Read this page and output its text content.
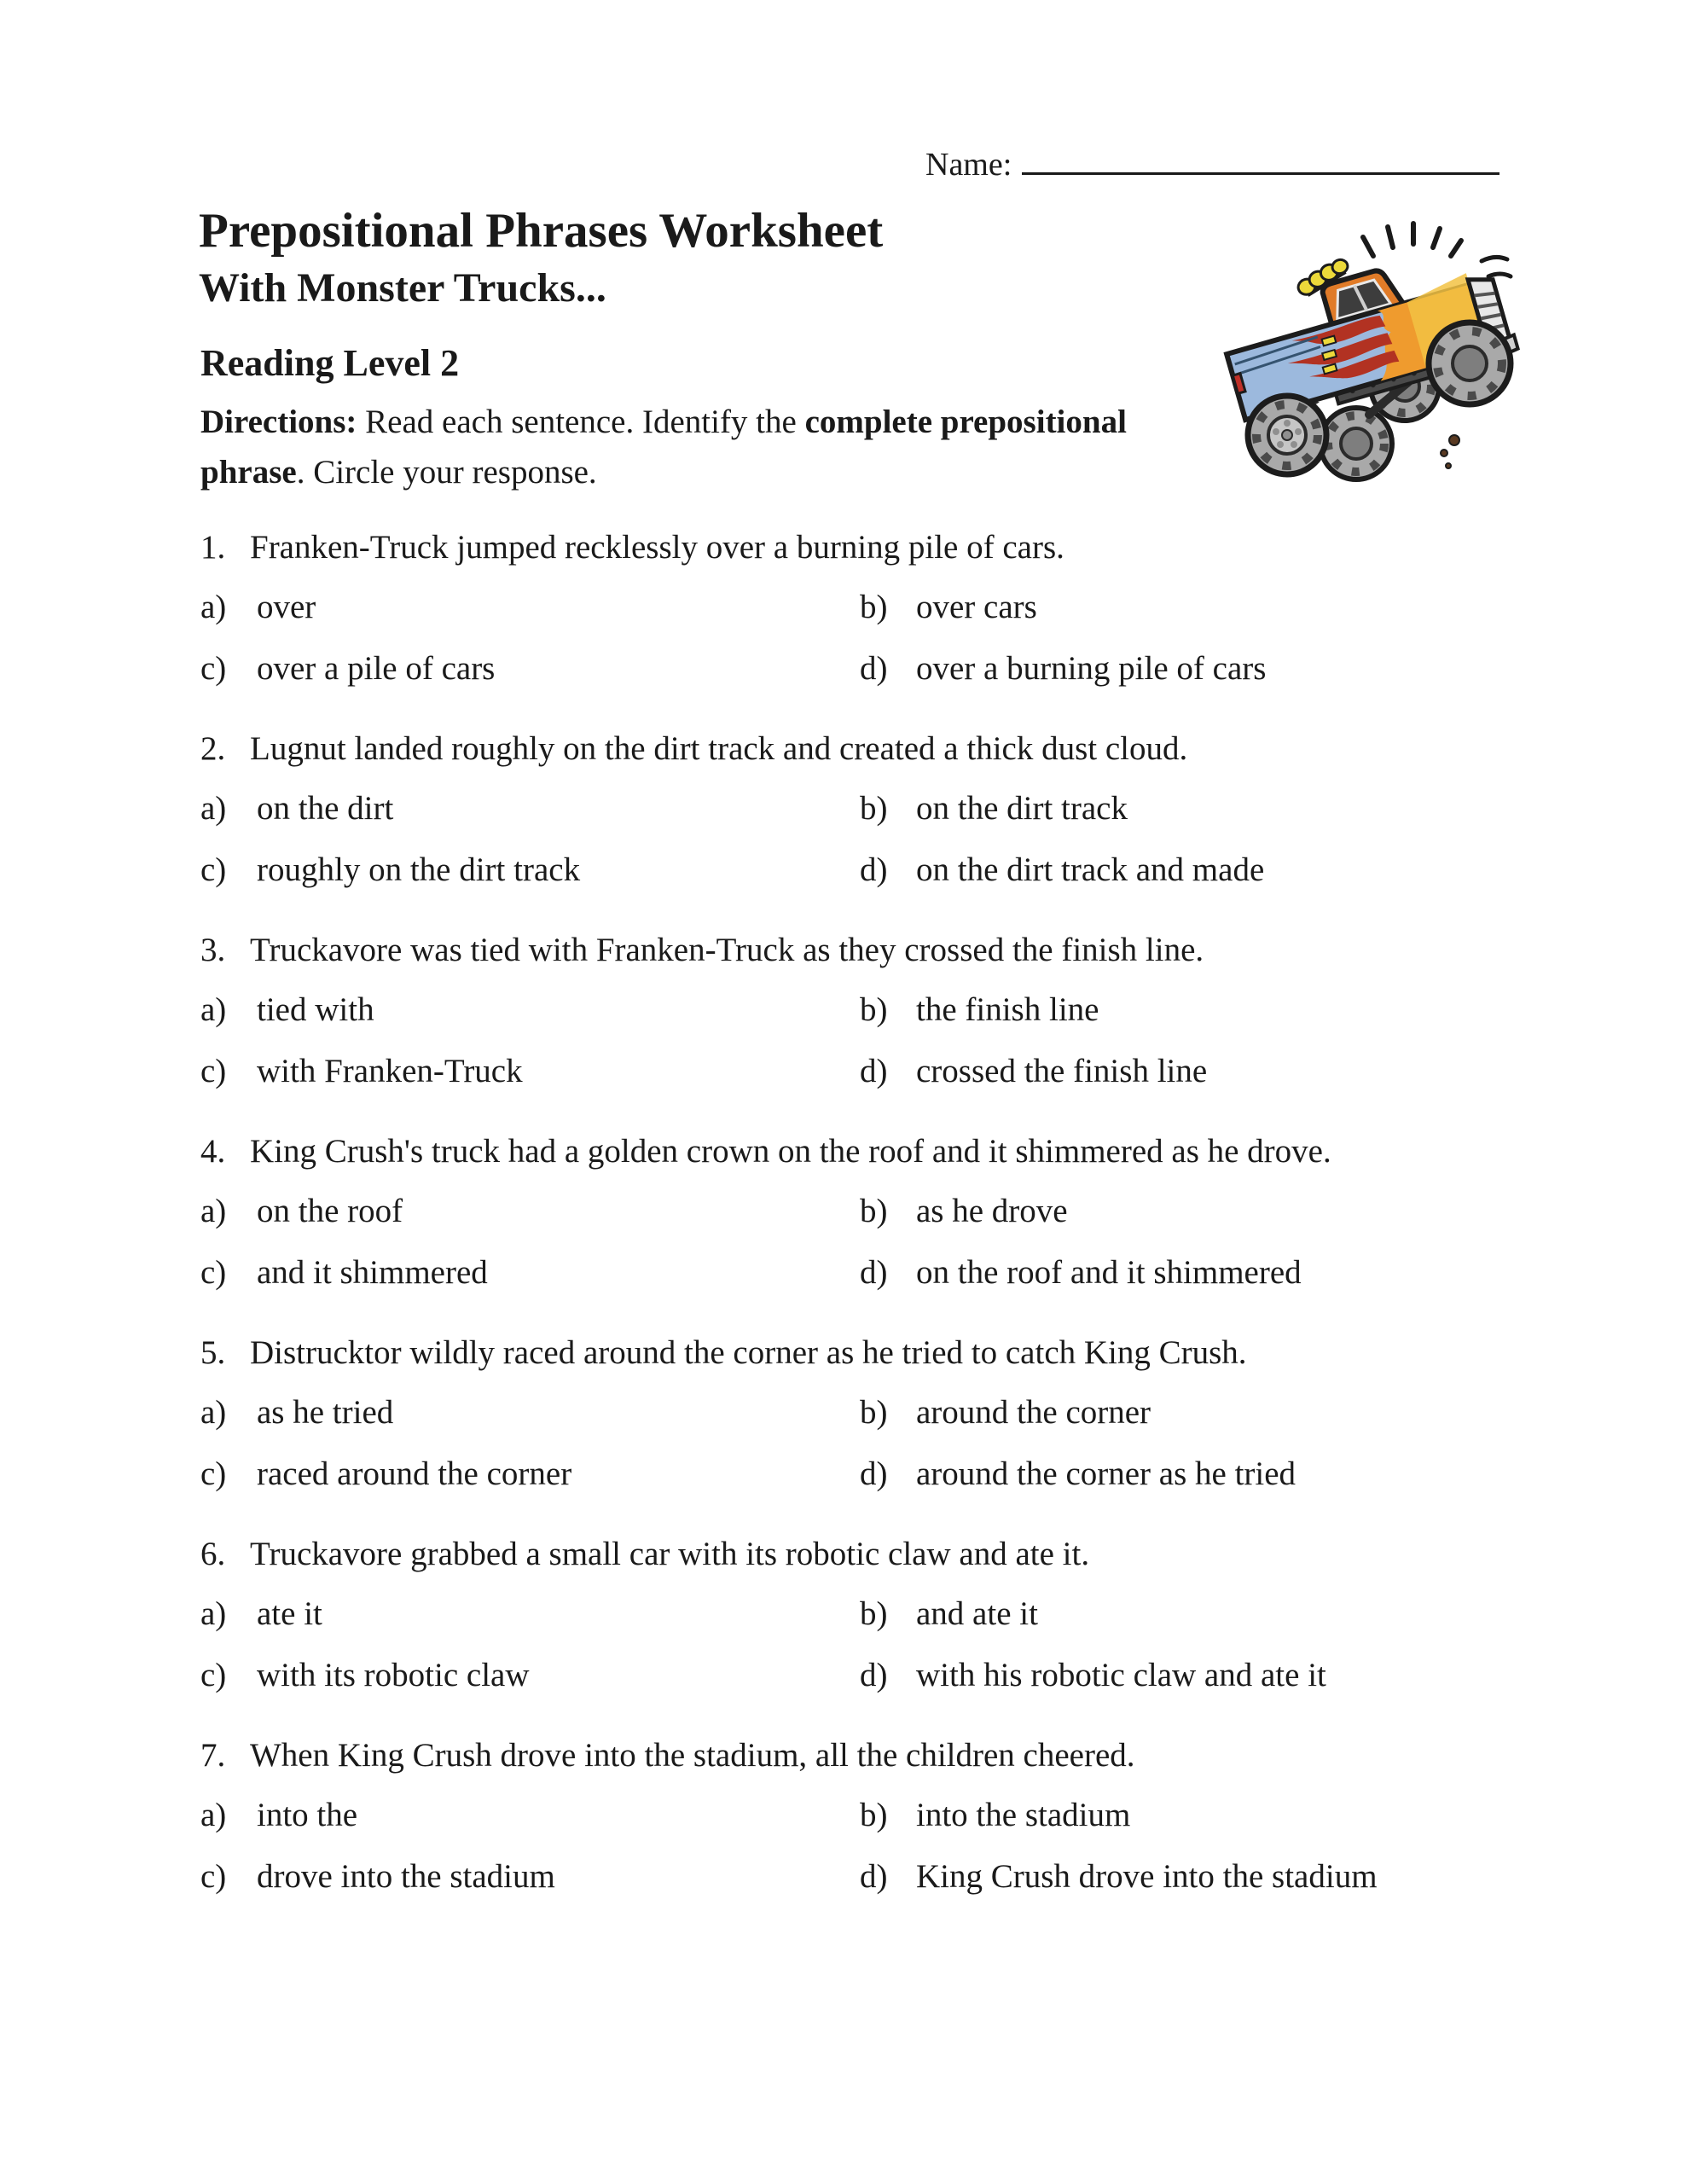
Name:
Prepositional Phrases Worksheet
With Monster Trucks...
Reading Level 2

Directions: Read each sentence. Identify the complete prepositional phrase. Circle your response.

1. Franken-Truck jumped recklessly over a burning pile of cars.
a) over	b) over cars
c) over a pile of cars	d) over a burning pile of cars
2. Lugnut landed roughly on the dirt track and created a thick dust cloud.
a) on the dirt	b) on the dirt track
c) roughly on the dirt track	d) on the dirt track and made
3. Truckavore was tied with Franken-Truck as they crossed the finish line.
a) tied with	b) the finish line
c) with Franken-Truck	d) crossed the finish line
4. King Crush's truck had a golden crown on the roof and it shimmered as he drove.
a) on the roof	b) as he drove
c) and it shimmered	d) on the roof and it shimmered
5. Distrucktor wildly raced around the corner as he tried to catch King Crush.
a) as he tried	b) around the corner
c) raced around the corner	d) around the corner as he tried
6. Truckavore grabbed a small car with its robotic claw and ate it.
a) ate it	b) and ate it
c) with its robotic claw	d) with his robotic claw and ate it
7. When King Crush drove into the stadium, all the children cheered.
a) into the	b) into the stadium
c) drove into the stadium	d) King Crush drove into the stadium
